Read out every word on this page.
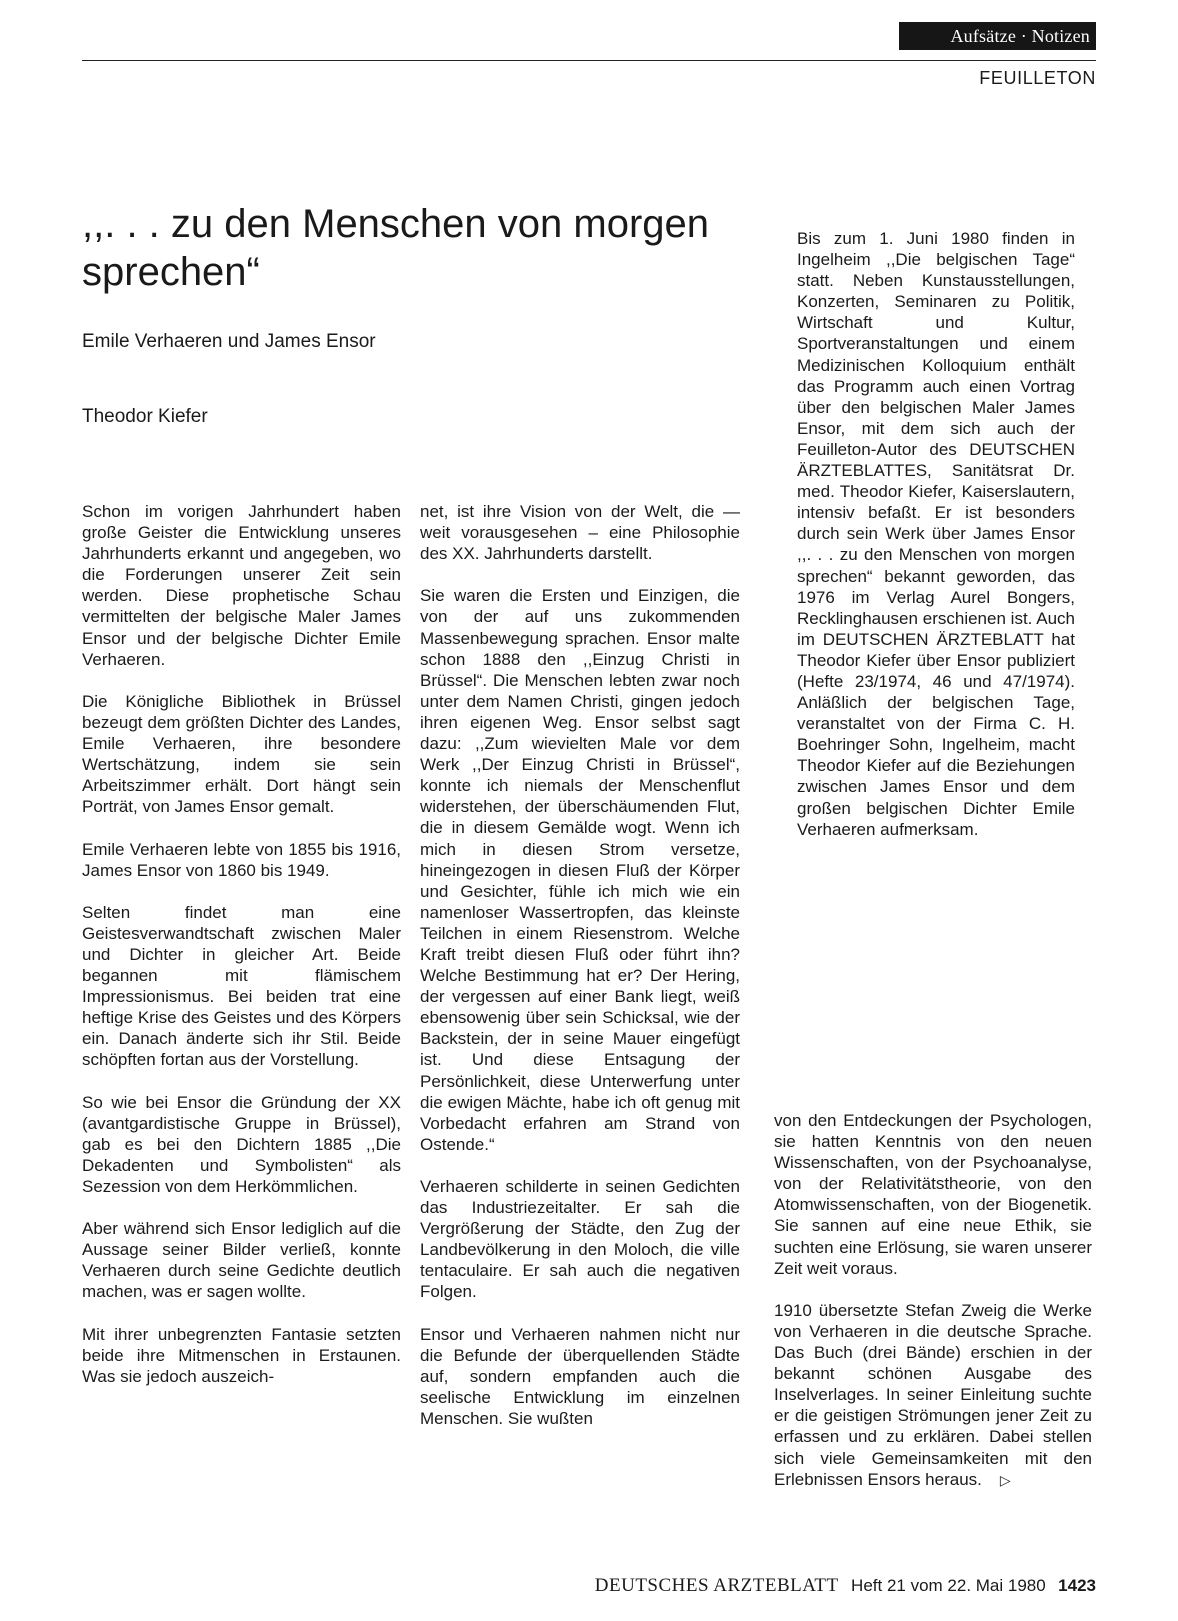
Aufsätze · Notizen
FEUILLETON
,,. . . zu den Menschen von morgen sprechen“
Emile Verhaeren und James Ensor
Theodor Kiefer

Schon im vorigen Jahrhundert haben große Geister die Entwicklung unseres Jahrhunderts erkannt und angegeben, wo die Forderungen unserer Zeit sein werden. Diese prophetische Schau vermittelten der belgische Maler James Ensor und der belgische Dichter Emile Verhaeren.

Die Königliche Bibliothek in Brüssel bezeugt dem größten Dichter des Landes, Emile Verhaeren, ihre besondere Wertschätzung, indem sie sein Arbeitszimmer erhält. Dort hängt sein Porträt, von James Ensor gemalt.

Emile Verhaeren lebte von 1855 bis 1916, James Ensor von 1860 bis 1949.

Selten findet man eine Geistesverwandtschaft zwischen Maler und Dichter in gleicher Art. Beide begannen mit flämischem Impressionismus. Bei beiden trat eine heftige Krise des Geistes und des Körpers ein. Danach änderte sich ihr Stil. Beide schöpften fortan aus der Vorstellung.

So wie bei Ensor die Gründung der XX (avantgardistische Gruppe in Brüssel), gab es bei den Dichtern 1885 ,,Die Dekadenten und Symbolisten“ als Sezession von dem Herkömmlichen.

Aber während sich Ensor lediglich auf die Aussage seiner Bilder verließ, konnte Verhaeren durch seine Gedichte deutlich machen, was er sagen wollte.

Mit ihrer unbegrenzten Fantasie setzten beide ihre Mitmenschen in Erstaunen. Was sie jedoch auszeich-

net, ist ihre Vision von der Welt, die — weit vorausgesehen – eine Philosophie des XX. Jahrhunderts darstellt.

Sie waren die Ersten und Einzigen, die von der auf uns zukommenden Massenbewegung sprachen. Ensor malte schon 1888 den ,,Einzug Christi in Brüssel“. Die Menschen lebten zwar noch unter dem Namen Christi, gingen jedoch ihren eigenen Weg. Ensor selbst sagt dazu: ,,Zum wievielten Male vor dem Werk ,,Der Einzug Christi in Brüssel“, konnte ich niemals der Menschenflut widerstehen, der überschäumenden Flut, die in diesem Gemälde wogt. Wenn ich mich in diesen Strom versetze, hineingezogen in diesen Fluß der Körper und Gesichter, fühle ich mich wie ein namenloser Wassertropfen, das kleinste Teilchen in einem Riesenstrom. Welche Kraft treibt diesen Fluß oder führt ihn? Welche Bestimmung hat er? Der Hering, der vergessen auf einer Bank liegt, weiß ebensowenig über sein Schicksal, wie der Backstein, der in seine Mauer eingefügt ist. Und diese Entsagung der Persönlichkeit, diese Unterwerfung unter die ewigen Mächte, habe ich oft genug mit Vorbedacht erfahren am Strand von Ostende.“

Verhaeren schilderte in seinen Gedichten das Industriezeitalter. Er sah die Vergrößerung der Städte, den Zug der Landbevölkerung in den Moloch, die ville tentaculaire. Er sah auch die negativen Folgen.

Ensor und Verhaeren nahmen nicht nur die Befunde der überquellenden Städte auf, sondern empfanden auch die seelische Entwicklung im einzelnen Menschen. Sie wußten

Bis zum 1. Juni 1980 finden in Ingelheim ,,Die belgischen Tage“ statt. Neben Kunstausstellungen, Konzerten, Seminaren zu Politik, Wirtschaft und Kultur, Sportveranstaltungen und einem Medizinischen Kolloquium enthält das Programm auch einen Vortrag über den belgischen Maler James Ensor, mit dem sich auch der Feuilleton-Autor des DEUTSCHEN ÄRZTEBLATTES, Sanitätsrat Dr. med. Theodor Kiefer, Kaiserslautern, intensiv befaßt. Er ist besonders durch sein Werk über James Ensor ,,. . . zu den Menschen von morgen sprechen“ bekannt geworden, das 1976 im Verlag Aurel Bongers, Recklinghausen erschienen ist. Auch im DEUTSCHEN ÄRZTEBLATT hat Theodor Kiefer über Ensor publiziert (Hefte 23/1974, 46 und 47/1974). Anläßlich der belgischen Tage, veranstaltet von der Firma C. H. Boehringer Sohn, Ingelheim, macht Theodor Kiefer auf die Beziehungen zwischen James Ensor und dem großen belgischen Dichter Emile Verhaeren aufmerksam.

von den Entdeckungen der Psychologen, sie hatten Kenntnis von den neuen Wissenschaften, von der Psychoanalyse, von der Relativitätstheorie, von den Atomwissenschaften, von der Biogenetik. Sie sannen auf eine neue Ethik, sie suchten eine Erlösung, sie waren unserer Zeit weit voraus.

1910 übersetzte Stefan Zweig die Werke von Verhaeren in die deutsche Sprache. Das Buch (drei Bände) erschien in der bekannt schönen Ausgabe des Inselverlages. In seiner Einleitung suchte er die geistigen Strömungen jener Zeit zu erfassen und zu erklären. Dabei stellen sich viele Gemeinsamkeiten mit den Erlebnissen Ensors heraus. ▷

DEUTSCHES ARZTEBLATT Heft 21 vom 22. Mai 1980 1423
